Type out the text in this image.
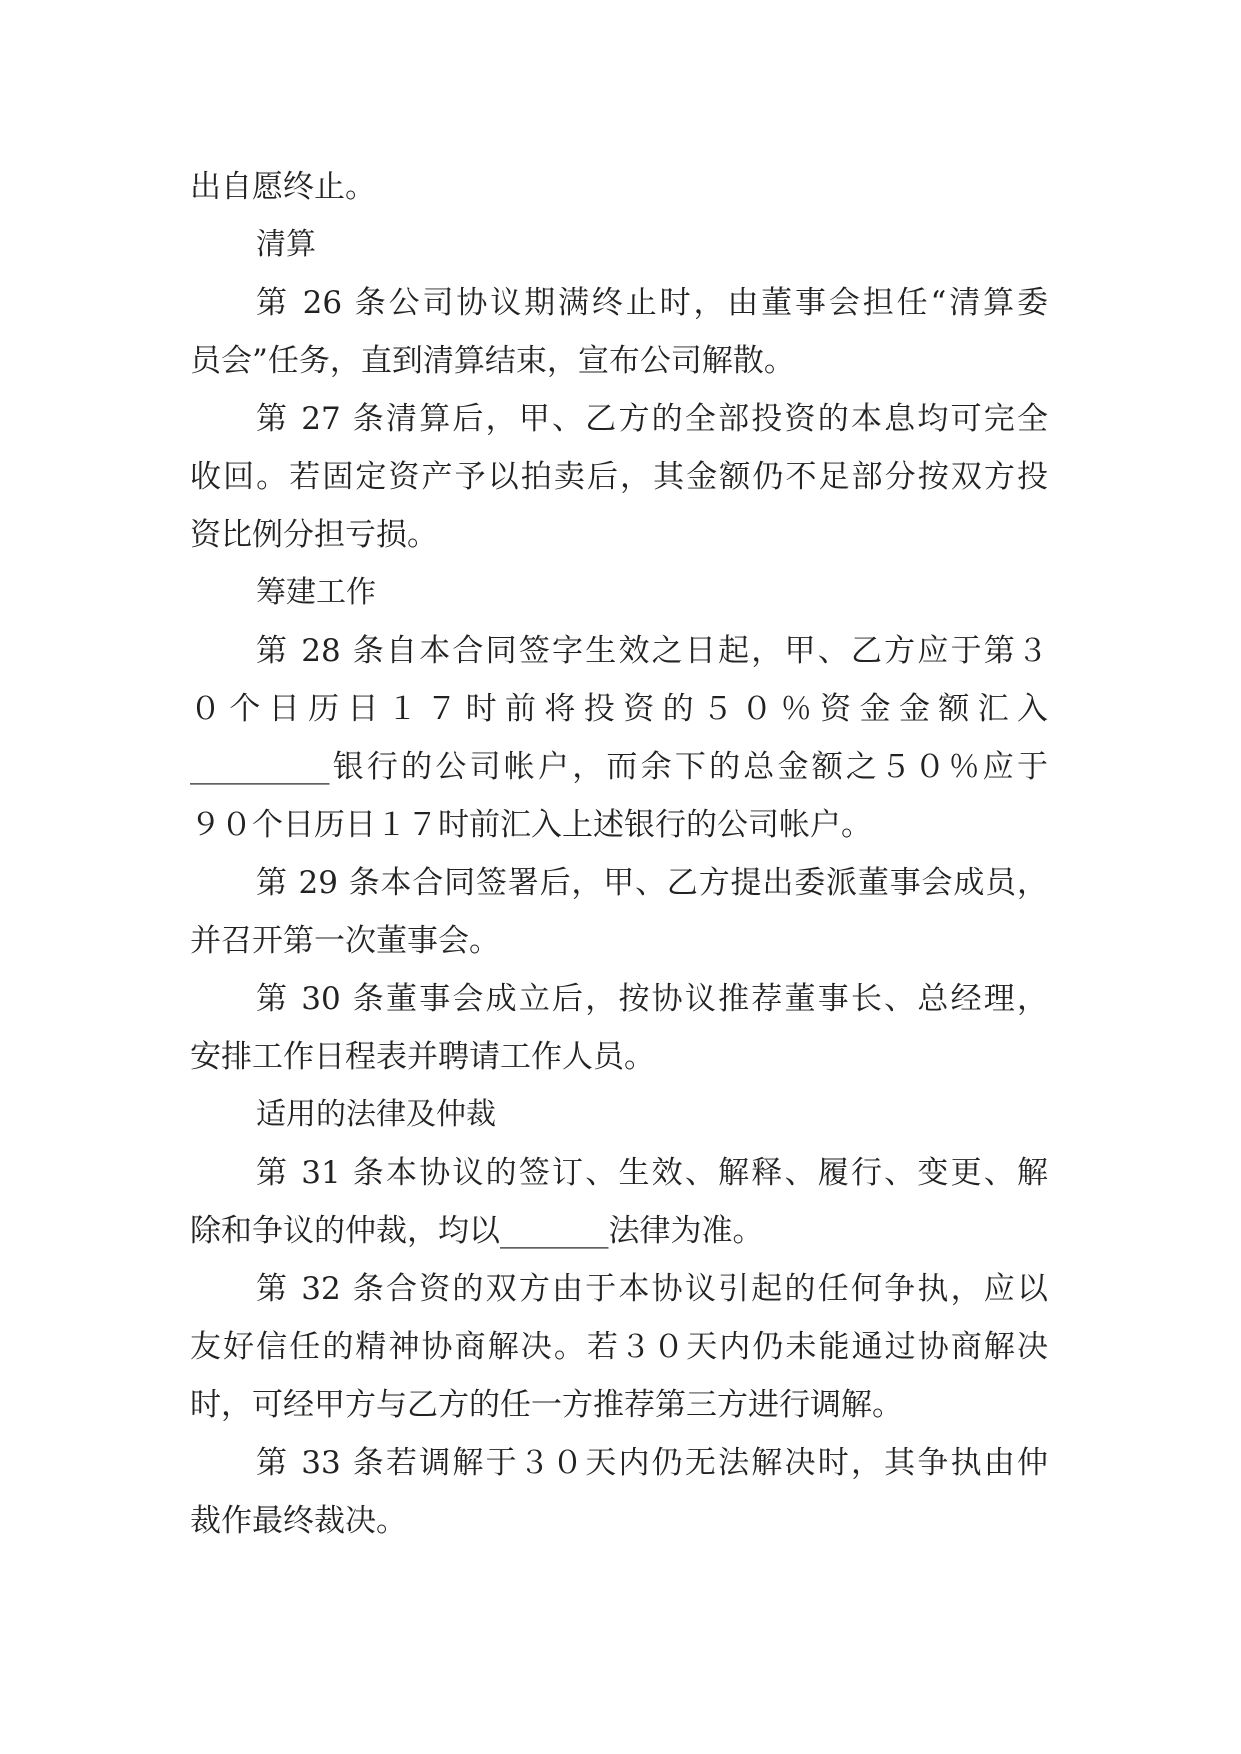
出自愿终止。
清算
第 26 条公司协议期满终止时，由董事会担任“清算委
员会”任务，直到清算结束，宣布公司解散。
第 27 条清算后，甲、乙方的全部投资的本息均可完全
收回。若固定资产予以拍卖后，其金额仍不足部分按双方投
资比例分担亏损。
筹建工作
第 28 条自本合同签字生效之日起，甲、乙方应于第３
０个日历日１７时前将投资的５０％资金金额汇入
_________银行的公司帐户，而余下的总金额之５０％应于
９０个日历日１７时前汇入上述银行的公司帐户。
第 29 条本合同签署后，甲、乙方提出委派董事会成员，
并召开第一次董事会。
第 30 条董事会成立后，按协议推荐董事长、总经理，
安排工作日程表并聘请工作人员。
适用的法律及仲裁
第 31 条本协议的签订、生效、解释、履行、变更、解
除和争议的仲裁，均以_______法律为准。
第 32 条合资的双方由于本协议引起的任何争执，应以
友好信任的精神协商解决。若３０天内仍未能通过协商解决
时，可经甲方与乙方的任一方推荐第三方进行调解。
第 33 条若调解于３０天内仍无法解决时，其争执由仲
裁作最终裁决。
